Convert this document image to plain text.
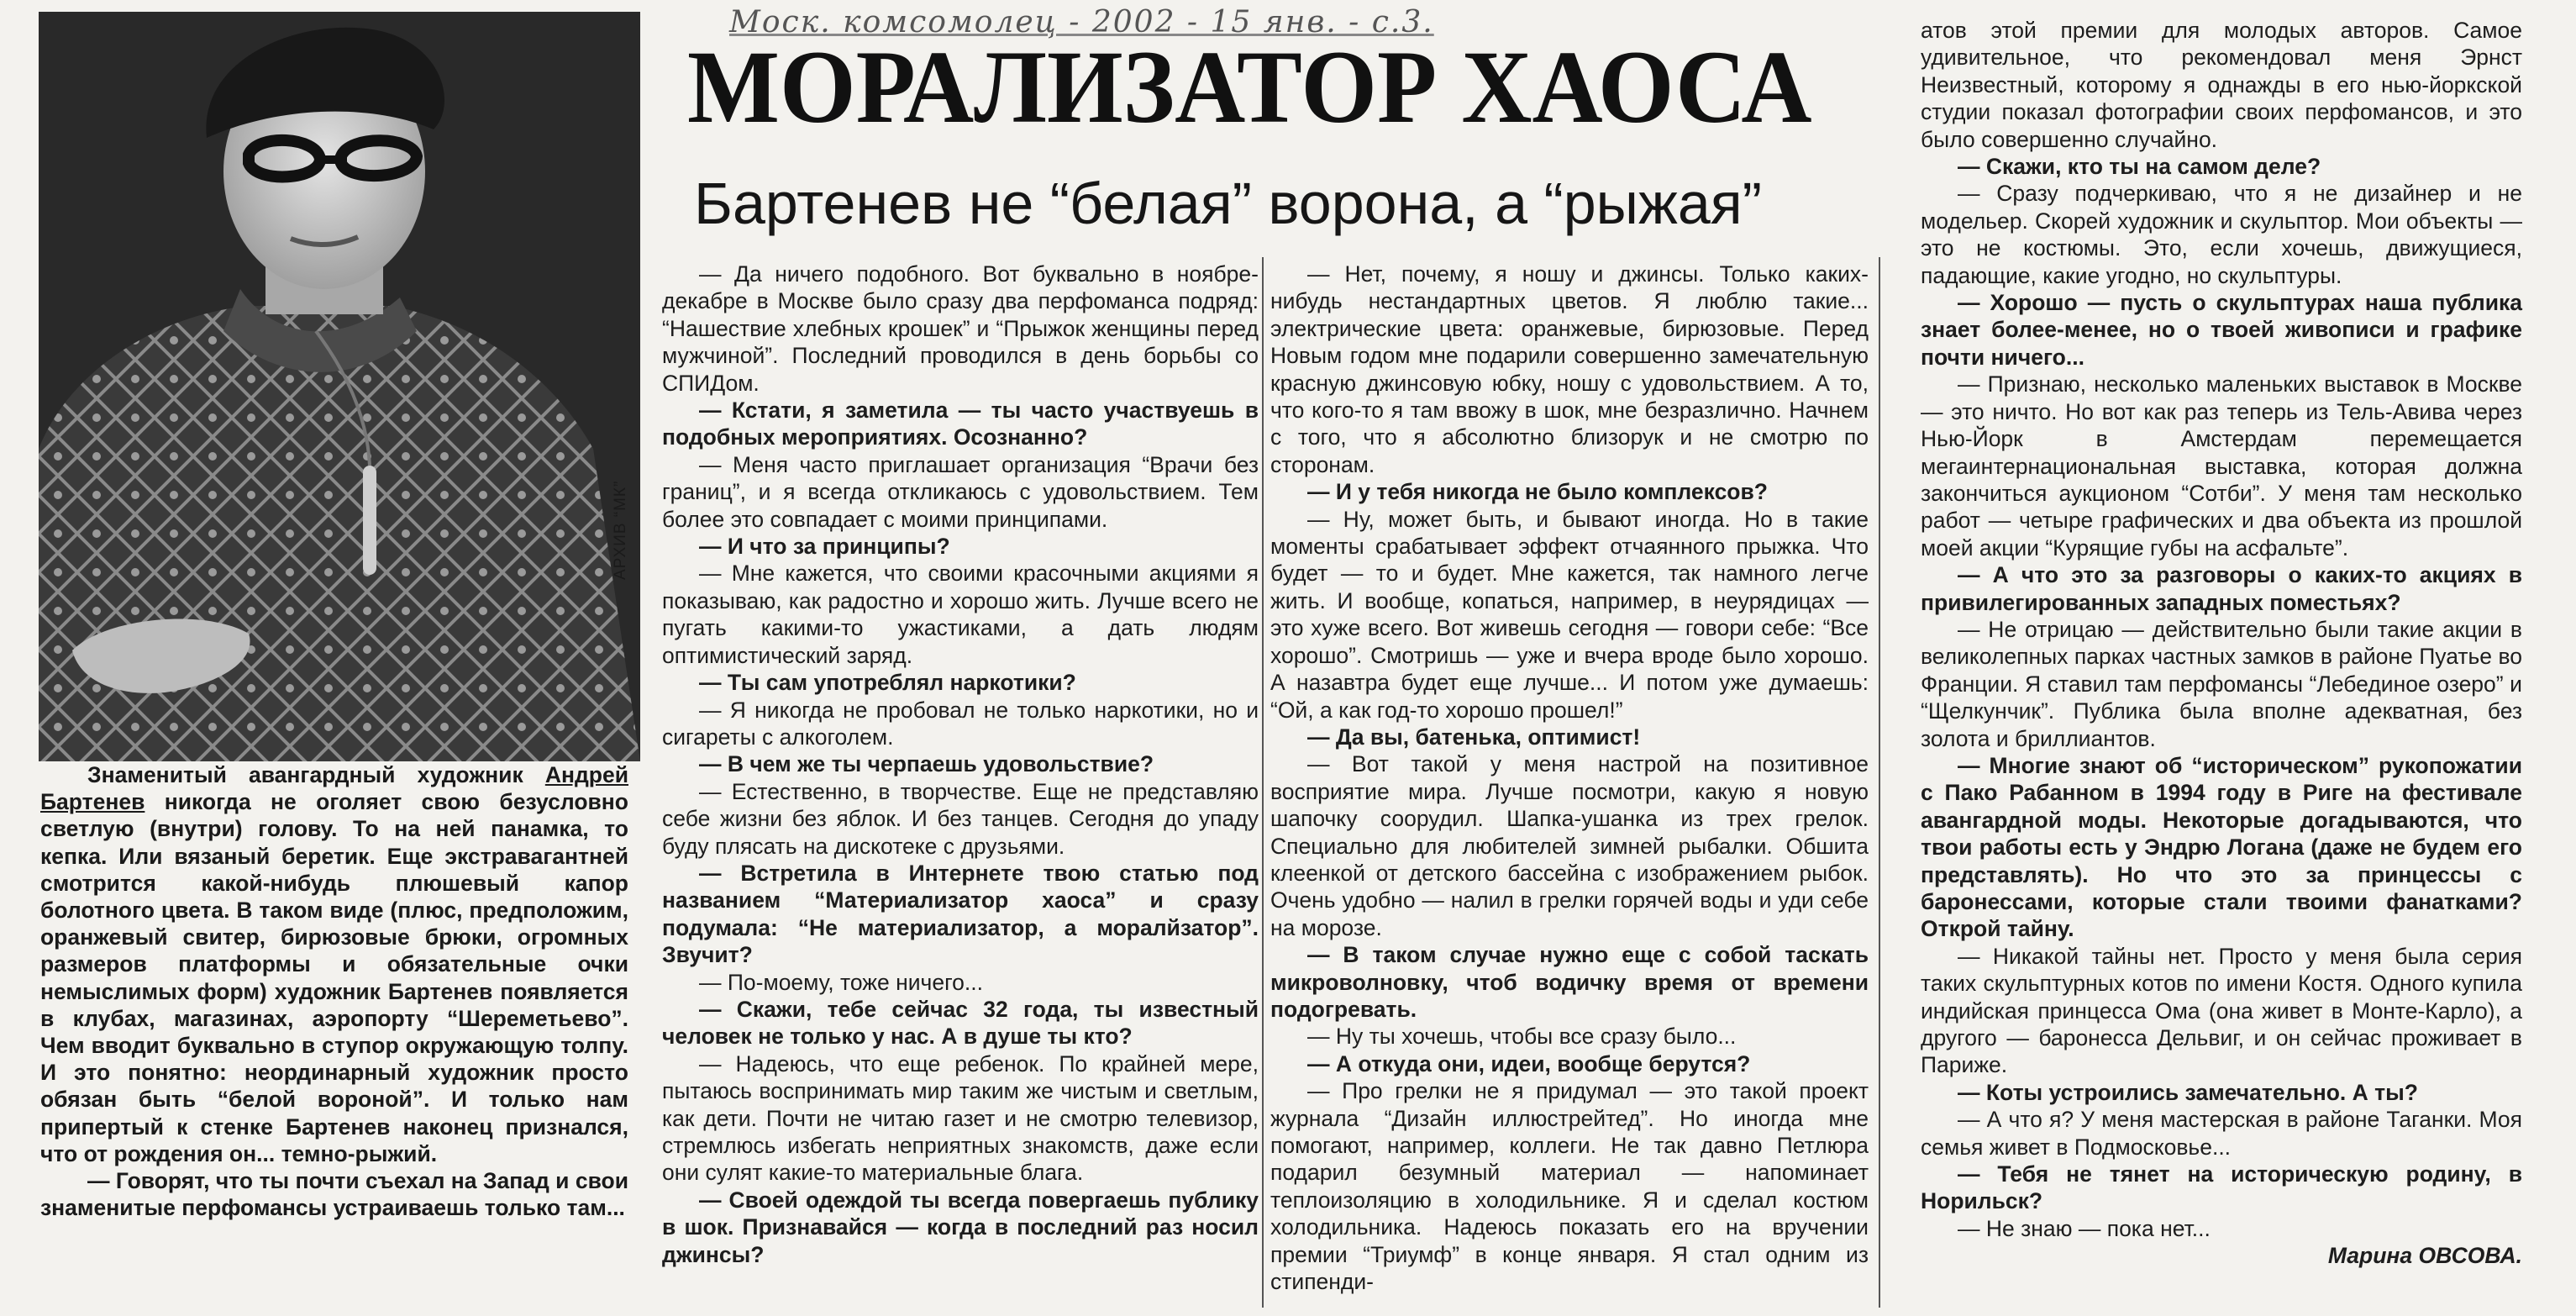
Моск. комсомолец - 2002 - 15 янв. - с.3.
АРХИВ “МК”
МОРАЛИЗАТОР ХАОСА
Бартенев не “белая” ворона, а “рыжая”

Знаменитый авангардный художник Андрей Бартенев никогда не оголяет свою безусловно светлую (внутри) голову. То на ней панамка, то кепка. Или вязаный беретик. Еще экстравагантней смотрится какой-нибудь плюшевый капор болотного цвета. В таком виде (плюс, предположим, оранжевый свитер, бирюзовые брюки, огромных размеров платформы и обязательные очки немыслимых форм) художник Бартенев появляется в клубах, магазинах, аэропорту “Шереметьево”. Чем вводит буквально в ступор окружающую толпу. И это понятно: неординарный художник просто обязан быть “белой вороной”. И только нам припертый к стенке Бартенев наконец признался, что от рождения он... темно-рыжий.

— Говорят, что ты почти съехал на Запад и свои знаменитые перфомансы устраиваешь только там...

— Да ничего подобного. Вот буквально в ноябре-декабре в Москве было сразу два перфоманса подряд: “Нашествие хлебных крошек” и “Прыжок женщины перед мужчиной”. Последний проводился в день борьбы со СПИДом.

— Кстати, я заметила — ты часто участвуешь в подобных мероприятиях. Осознанно?

— Меня часто приглашает организация “Врачи без границ”, и я всегда откликаюсь с удовольствием. Тем более это совпадает с моими принципами.

— И что за принципы?

— Мне кажется, что своими красочными акциями я показываю, как радостно и хорошо жить. Лучше всего не пугать какими-то ужастиками, а дать людям оптимистический заряд.

— Ты сам употреблял наркотики?

— Я никогда не пробовал не только наркотики, но и сигареты с алкоголем.

— В чем же ты черпаешь удовольствие?

— Естественно, в творчестве. Еще не представляю себе жизни без яблок. И без танцев. Сегодня до упаду буду плясать на дискотеке с друзьями.

— Встретила в Интернете твою статью под названием “Материализатор хаоса” и сразу подумала: “Не материализатор, а моралйзатор”. Звучит?

— По-моему, тоже ничего...

— Скажи, тебе сейчас 32 года, ты известный человек не только у нас. А в душе ты кто?

— Надеюсь, что еще ребенок. По крайней мере, пытаюсь воспринимать мир таким же чистым и светлым, как дети. Почти не читаю газет и не смотрю телевизор, стремлюсь избегать неприятных знакомств, даже если они сулят какие-то материальные блага.

— Своей одеждой ты всегда повергаешь публику в шок. Признавайся — когда в последний раз носил джинсы?

— Нет, почему, я ношу и джинсы. Только каких-нибудь нестандартных цветов. Я люблю такие... электрические цвета: оранжевые, бирюзовые. Перед Новым годом мне подарили совершенно замечательную красную джинсовую юбку, ношу с удовольствием. А то, что кого-то я там ввожу в шок, мне безразлично. Начнем с того, что я абсолютно близорук и не смотрю по сторонам.

— И у тебя никогда не было комплексов?

— Ну, может быть, и бывают иногда. Но в такие моменты срабатывает эффект отчаянного прыжка. Что будет — то и будет. Мне кажется, так намного легче жить. И вообще, копаться, например, в неурядицах — это хуже всего. Вот живешь сегодня — говори себе: “Все хорошо”. Смотришь — уже и вчера вроде было хорошо. А назавтра будет еще лучше... И потом уже думаешь: “Ой, а как год-то хорошо прошел!”

— Да вы, батенька, оптимист!

— Вот такой у меня настрой на позитивное восприятие мира. Лучше посмотри, какую я новую шапочку соорудил. Шапка-ушанка из трех грелок. Специально для любителей зимней рыбалки. Обшита клеенкой от детского бассейна с изображением рыбок. Очень удобно — налил в грелки горячей воды и уди себе на морозе.

— В таком случае нужно еще с собой таскать микроволновку, чтоб водичку время от времени подогревать.

— Ну ты хочешь, чтобы все сразу было...

— А откуда они, идеи, вообще берутся?

— Про грелки не я придумал — это такой проект журнала “Дизайн иллюстрейтед”. Но иногда мне помогают, например, коллеги. Не так давно Петлюра подарил безумный материал — напоминает теплоизоляцию в холодильнике. Я и сделал костюм холодильника. Надеюсь показать его на вручении премии “Триумф” в конце января. Я стал одним из стипенди-

атов этой премии для молодых авторов. Самое удивительное, что рекомендовал меня Эрнст Неизвестный, которому я однажды в его нью-йоркской студии показал фотографии своих перфомансов, и это было совершенно случайно.

— Скажи, кто ты на самом деле?

— Сразу подчеркиваю, что я не дизайнер и не модельер. Скорей художник и скульптор. Мои объекты — это не костюмы. Это, если хочешь, движущиеся, падающие, какие угодно, но скульптуры.

— Хорошо — пусть о скульптурах наша публика знает более-менее, но о твоей живописи и графике почти ничего...

— Признаю, несколько маленьких выставок в Москве — это ничто. Но вот как раз теперь из Тель-Авива через Нью-Йорк в Амстердам перемещается мегаинтернациональная выставка, которая должна закончиться аукционом “Сотби”. У меня там несколько работ — четыре графических и два объекта из прошлой моей акции “Курящие губы на асфальте”.

— А что это за разговоры о каких-то акциях в привилегированных западных поместьях?

— Не отрицаю — действительно были такие акции в великолепных парках частных замков в районе Пуатье во Франции. Я ставил там перфомансы “Лебединое озеро” и “Щелкунчик”. Публика была вполне адекватная, без золота и бриллиантов.

— Многие знают об “историческом” рукопожатии с Пако Рабанном в 1994 году в Риге на фестивале авангардной моды. Некоторые догадываются, что твои работы есть у Эндрю Логана (даже не будем его представлять). Но что это за принцессы с баронессами, которые стали твоими фанатками? Открой тайну.

— Никакой тайны нет. Просто у меня была серия таких скульптурных котов по имени Костя. Одного купила индийская принцесса Ома (она живет в Монте-Карло), а другого — баронесса Дельвиг, и он сейчас проживает в Париже.

— Коты устроились замечательно. А ты?

— А что я? У меня мастерская в районе Таганки. Моя семья живет в Подмосковье...

— Тебя не тянет на историческую родину, в Норильск?

— Не знаю — пока нет...

Марина ОВСОВА.
